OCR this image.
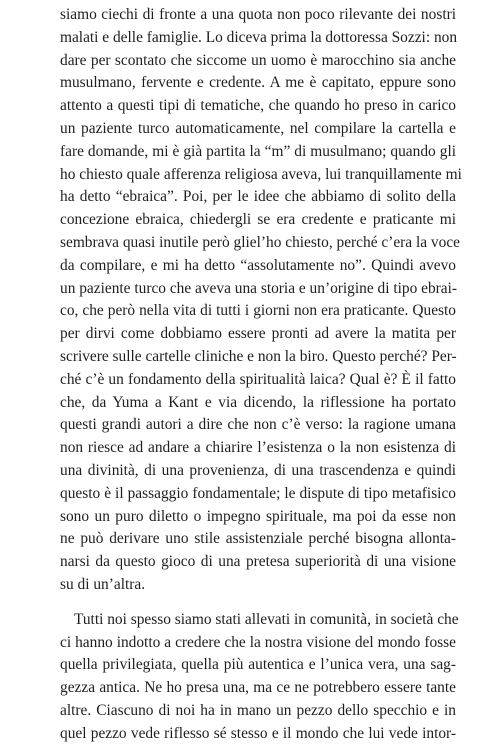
siamo ciechi di fronte a una quota non poco rilevante dei nostri
malati e delle famiglie. Lo diceva prima la dottoressa Sozzi: non
dare per scontato che siccome un uomo è marocchino sia anche
musulmano, fervente e credente. A me è capitato, eppure sono
attento a questi tipi di tematiche, che quando ho preso in carico
un paziente turco automaticamente, nel compilare la cartella e
fare domande, mi è già partita la “m” di musulmano; quando gli
ho chiesto quale afferenza religiosa aveva, lui tranquillamente mi
ha detto “ebraica”. Poi, per le idee che abbiamo di solito della
concezione ebraica, chiedergli se era credente e praticante mi
sembrava quasi inutile però glielʼho chiesto, perché cʼera la voce
da compilare, e mi ha detto “assolutamente no”. Quindi avevo
un paziente turco che aveva una storia e unʼorigine di tipo ebrai-
co, che però nella vita di tutti i giorni non era praticante. Questo
per dirvi come dobbiamo essere pronti ad avere la matita per
scrivere sulle cartelle cliniche e non la biro. Questo perché? Per-
ché cʼè un fondamento della spiritualità laica? Qual è? È il fatto
che, da Yuma a Kant e via dicendo, la riflessione ha portato
questi grandi autori a dire che non cʼè verso: la ragione umana
non riesce ad andare a chiarire lʼesistenza o la non esistenza di
una divinità, di una provenienza, di una trascendenza e quindi
questo è il passaggio fondamentale; le dispute di tipo metafisico
sono un puro diletto o impegno spirituale, ma poi da esse non
ne può derivare uno stile assistenziale perché bisogna allonta-
narsi da questo gioco di una pretesa superiorità di una visione
su di unʼaltra.
Tutti noi spesso siamo stati allevati in comunità, in società che
ci hanno indotto a credere che la nostra visione del mondo fosse
quella privilegiata, quella più autentica e lʼunica vera, una sag-
gezza antica. Ne ho presa una, ma ce ne potrebbero essere tante
altre. Ciascuno di noi ha in mano un pezzo dello specchio e in
quel pezzo vede riflesso sé stesso e il mondo che lui vede intor-
